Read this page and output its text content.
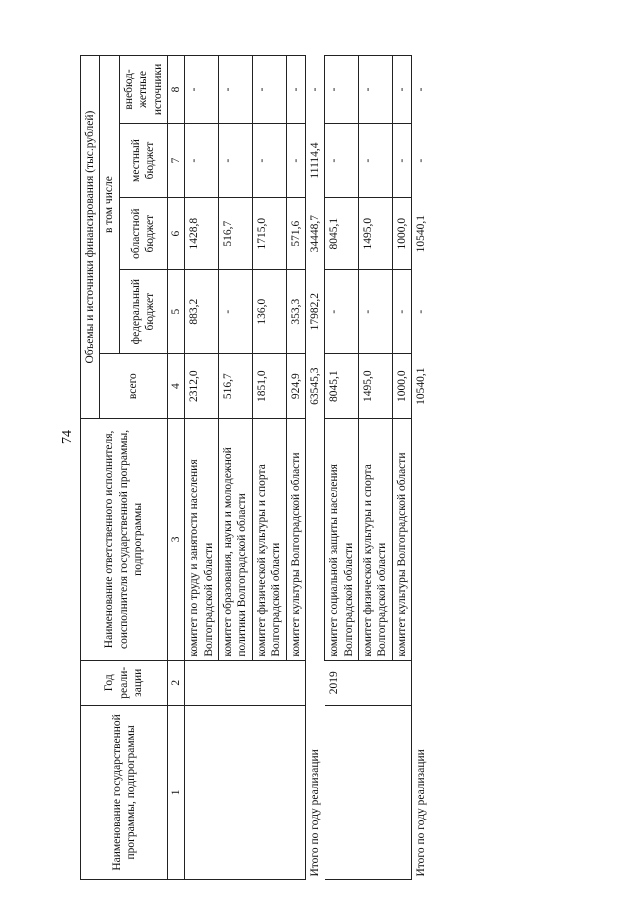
74
Наименование государственной программы, подпрограммы	Год реали-зации	Наименование ответственного исполнителя, соисполнителя государственной программы, подпрограммы	Объемы и источники финансирования (тыс.рублей)				
			всего	в том числе			
				федеральный бюджет	областной бюджет	местный бюджет	внебюд-жетные источники
1	2	3	4	5	6	7	8
		комитет по труду и занятости населения Волгоградской области	2312,0	883,2	1428,8	-	-
		комитет образования, науки и молодежной политики Волгоградской области	516,7	-	516,7	-	-
		комитет физической культуры и спорта Волгоградской области	1851,0	136,0	1715,0	-	-
		комитет культуры Волгоградской области	924,9	353,3	571,6	-	-
Итого по году реализации			63545,3	17982,2	34448,7	11114,4	-
	2019	комитет социальной защиты населения Волгоградской области	8045,1	-	8045,1	-	-
		комитет физической культуры и спорта Волгоградской области	1495,0	-	1495,0	-	-
		комитет культуры Волгоградской области	1000,0	-	1000,0	-	-
Итого по году реализации			10540,1	-	10540,1	-	-
